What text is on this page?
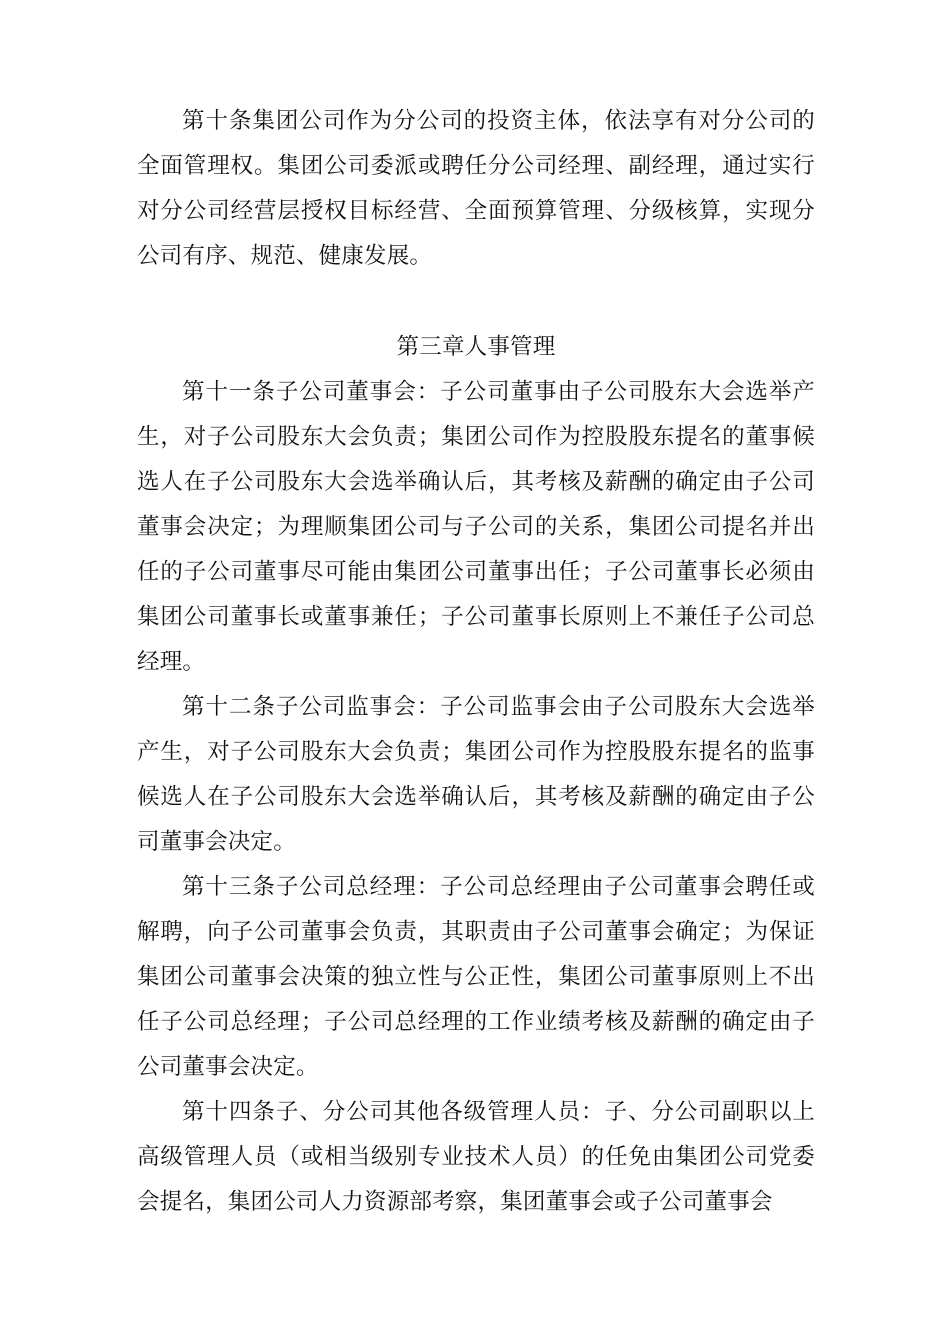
第十条集团公司作为分公司的投资主体，依法享有对分公司的全面管理权。集团公司委派或聘任分公司经理、副经理，通过实行对分公司经营层授权目标经营、全面预算管理、分级核算，实现分公司有序、规范、健康发展。

第三章人事管理

第十一条子公司董事会：子公司董事由子公司股东大会选举产生，对子公司股东大会负责；集团公司作为控股股东提名的董事候选人在子公司股东大会选举确认后，其考核及薪酬的确定由子公司董事会决定；为理顺集团公司与子公司的关系，集团公司提名并出任的子公司董事尽可能由集团公司董事出任；子公司董事长必须由集团公司董事长或董事兼任；子公司董事长原则上不兼任子公司总经理。

第十二条子公司监事会：子公司监事会由子公司股东大会选举产生，对子公司股东大会负责；集团公司作为控股股东提名的监事候选人在子公司股东大会选举确认后，其考核及薪酬的确定由子公司董事会决定。

第十三条子公司总经理：子公司总经理由子公司董事会聘任或解聘，向子公司董事会负责，其职责由子公司董事会确定；为保证集团公司董事会决策的独立性与公正性，集团公司董事原则上不出任子公司总经理；子公司总经理的工作业绩考核及薪酬的确定由子公司董事会决定。

第十四条子、分公司其他各级管理人员：子、分公司副职以上高级管理人员（或相当级别专业技术人员）的任免由集团公司党委会提名，集团公司人力资源部考察，集团董事会或子公司董事会
